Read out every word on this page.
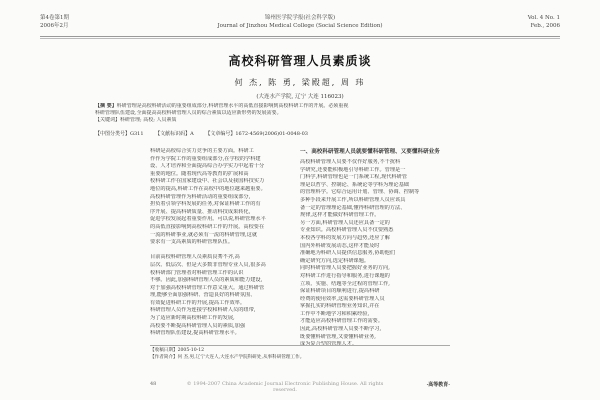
第4卷第1期
2006年2月
锦州医学院学报(社会科学版)
Journal of Jinzhou Medical College (Social Science Edition)
Vol. 4 No. 1
Feb., 2006
高校科研管理人员素质谈
何 杰, 陈 勇, 梁殿超, 周 玮
(大连水产学院, 辽宁 大连 116023)
【摘 要】科研管理是高校科研活动的重要组成部分,科研管理水平的高低直接影响到高校科研工作的开展。必须重视
科研管理队伍建设,全面提高高校科研管理人员的综合素质以适应新形势的发展需要。
【关键词】科研管理; 高校; 人员素质
【中图分类号】G311 【文献标识码】A 【文章编号】1672-4569(2006)01-0048-03
科研是高校综合实力竞争的主要方面。科研工
作作为学院工作的重要组成部分,在学校的学科建
设、人才培养和全面提高综合办学实力中起着十分
重要的地位。随着现代高等教育的扩展和高
校科研工作在国家建设中、社会以及我国科技实力
地位的提高,科研工作在高校中的地位越来越重要。
高校科研管理作为科研活动的重要组成部分,
担负着引领学科发展的任务,对保证科研工作的有
序开展、提高科研质量、推动科技成果转化,
促进学校发展起着重要作用。可以说,科研管理水平
的高低直接影响到高校科研工作的开展。高校要在
一流的科研事业,就必须有一流的科研管理,这就
要求有一支高素质的科研管理队伍。

目前高校科研管理人员素质良莠不齐,高
层次、低层次、但是大多数非管理专业人员,很多高
校科研部门管理者对科研管理工作的认识
不够。因此,加强科研管理人员的素质和能力建设,
对于加强高校科研管理工作意义重大。通过科研管
理,能够全面加强科研、营造良好的科研氛围、
有效促进科研工作的开展,提高工作效率。
科研管理人员作为连接学校和科研人员的纽带,
为了适应新时期高校科研工作的发展,
高校要不断提高科研管理人员的素质,加强
科研管理队伍建设,提高科研管理水平。
一、高校科研管理人员就要懂科研管理、又要懂科研业务
高校科研管理人员要不仅作好服务,不干扰科
学研究,还要能积极地引导科研工作。管理是一
门科学,科研管理也是一门系统工程,现代科研管
理是以哲学、控制论、系统论等学科为理论基础
的管理科学。它综合运用计划、管理、协调、控制等
多种手段来开展工作,所以科研管理人员应该具
备一定的管理理论基础,懂得科研管理的方法、
规律,这样才能做好科研管理工作。
另一方面,科研管理人员还应具备一定的
专业知识。高校科研管理人员不仅要熟悉
本校各学科的发展方向与趋势,还应了解
国内外科研发展动态,这样才能及时
准确地为科研人员提供信息服务,协助他们
确定研究方向,选定科研课题。
同时科研管理人员要把握好业务的方向,
对科研工作进行指导和服务,进行课题的
立项、实施、结题等全过程的管理工作,
保证科研项目的顺利进行,提高科研
经费的使用效率,这需要科研管理人员
掌握扎实的科研管理业务知识,并在
工作中不断地学习和积累经验,
才能适应高校科研管理工作的需要。
因此,高校科研管理人员要不断学习,
既要懂科研管理,又要懂科研业务,
成为复合型的管理人才。
【收稿日期】2005-10-12
【作者简介】何 杰,男,辽宁大连人,大连水产学院科研处,从事科研管理工作。
48	© 1994-2007 China Academic Journal Electronic Publishing House. All rights reserved.
·高等教育·
